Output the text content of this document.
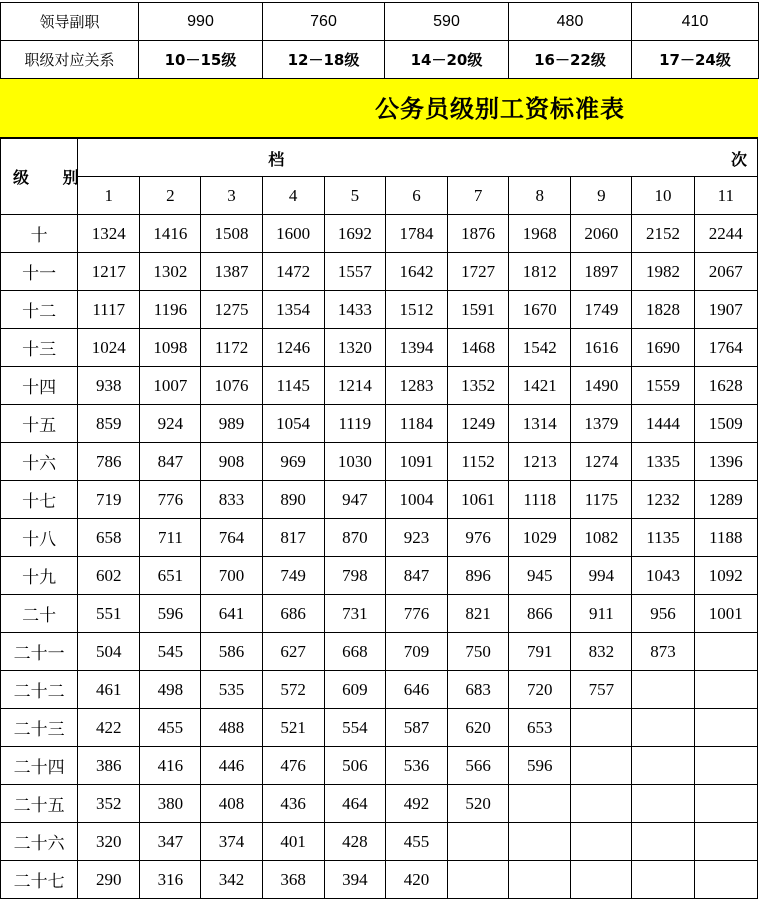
领导副职	990	760	590	480	410
职级对应关系	10－15级	12－18级	14－20级	16－22级	17－24级
公务员级别工资标准表
级 别	档 次										

	1	2	3	4	5	6	7	8	9	10	11
十	1324	1416	1508	1600	1692	1784	1876	1968	2060	2152	2244
十一	1217	1302	1387	1472	1557	1642	1727	1812	1897	1982	2067
十二	1117	1196	1275	1354	1433	1512	1591	1670	1749	1828	1907
十三	1024	1098	1172	1246	1320	1394	1468	1542	1616	1690	1764
十四	938	1007	1076	1145	1214	1283	1352	1421	1490	1559	1628
十五	859	924	989	1054	1119	1184	1249	1314	1379	1444	1509
十六	786	847	908	969	1030	1091	1152	1213	1274	1335	1396
十七	719	776	833	890	947	1004	1061	1118	1175	1232	1289
十八	658	711	764	817	870	923	976	1029	1082	1135	1188
十九	602	651	700	749	798	847	896	945	994	1043	1092
二十	551	596	641	686	731	776	821	866	911	956	1001
二十一	504	545	586	627	668	709	750	791	832	873	
二十二	461	498	535	572	609	646	683	720	757		
二十三	422	455	488	521	554	587	620	653			
二十四	386	416	446	476	506	536	566	596			
二十五	352	380	408	436	464	492	520				
二十六	320	347	374	401	428	455					
二十七	290	316	342	368	394	420					
